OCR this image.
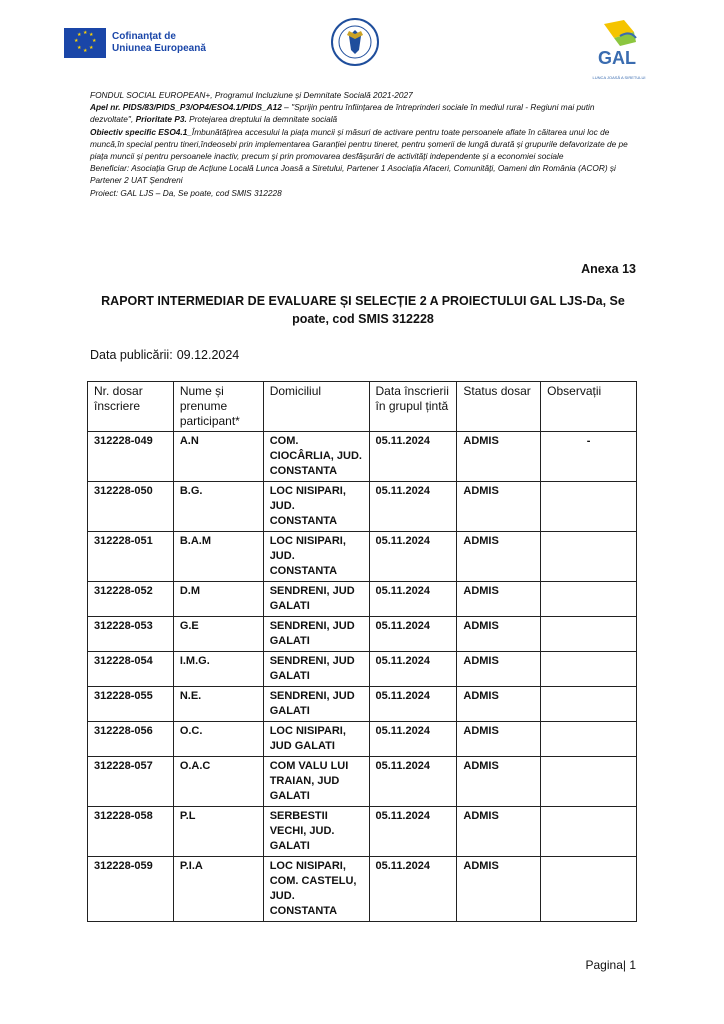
★ ★
★
★
★
★
★
★	Cofinanțat de
Uniunea Europeană	GAL
LUNCA JOASĂ A SIRETULUI

FONDUL SOCIAL EUROPEAN+, Programul Incluziune și Demnitate Socială 2021-2027

Apel nr. PIDS/83/PIDS_P3/OP4/ESO4.1/PIDS_A12 – ''Sprijin pentru înființarea de întreprinderi sociale în mediul rural - Regiuni mai putin dezvoltate'', Prioritate P3. Protejarea dreptului la demnitate socială

Obiectiv specific ESO4.1_Îmbunătățirea accesului la piața muncii și măsuri de activare pentru toate persoanele aflate în căitarea unui loc de muncă,în special pentru tineri,îndeosebi prin implementarea Garanției pentru tineret, pentru șomerii de lungă durată și grupurile defavorizate de pe piața muncii și pentru persoanele inactiv, precum și prin promovarea desfășurări de activități independente și a economiei sociale

Beneficiar: Asociația Grup de Acțiune Locală Lunca Joasă a Siretului, Partener 1 Asociația Afaceri, Comunități, Oameni din România (ACOR) și Partener 2 UAT Șendreni

Proiect: GAL LJS – Da, Se poate, cod SMIS 312228

Anexa 13
RAPORT INTERMEDIAR DE EVALUARE ȘI SELECȚIE 2 A PROIECTULUI GAL LJS-Da, Se poate, cod SMIS 312228
Data publicării: 09.12.2024
Nr. dosar înscriere	Nume și prenume participant*	Domiciliul	Data înscrierii în grupul țintă	Status dosar	Observații
312228-049	A.N	COM. CIOCÂRLIA, JUD. CONSTANTA	05.11.2024	ADMIS	-
312228-050	B.G.	LOC NISIPARI, JUD. CONSTANTA	05.11.2024	ADMIS	
312228-051	B.A.M	LOC NISIPARI, JUD. CONSTANTA	05.11.2024	ADMIS	
312228-052	D.M	SENDRENI, JUD GALATI	05.11.2024	ADMIS	
312228-053	G.E	SENDRENI, JUD GALATI	05.11.2024	ADMIS	
312228-054	I.M.G.	SENDRENI, JUD GALATI	05.11.2024	ADMIS	
312228-055	N.E.	SENDRENI, JUD GALATI	05.11.2024	ADMIS	
312228-056	O.C.	LOC NISIPARI, JUD GALATI	05.11.2024	ADMIS	
312228-057	O.A.C	COM VALU LUI TRAIAN, JUD GALATI	05.11.2024	ADMIS	
312228-058	P.L	SERBESTII VECHI, JUD. GALATI	05.11.2024	ADMIS	
312228-059	P.I.A	LOC NISIPARI, COM. CASTELU, JUD. CONSTANTA	05.11.2024	ADMIS	
Pagina| 1
